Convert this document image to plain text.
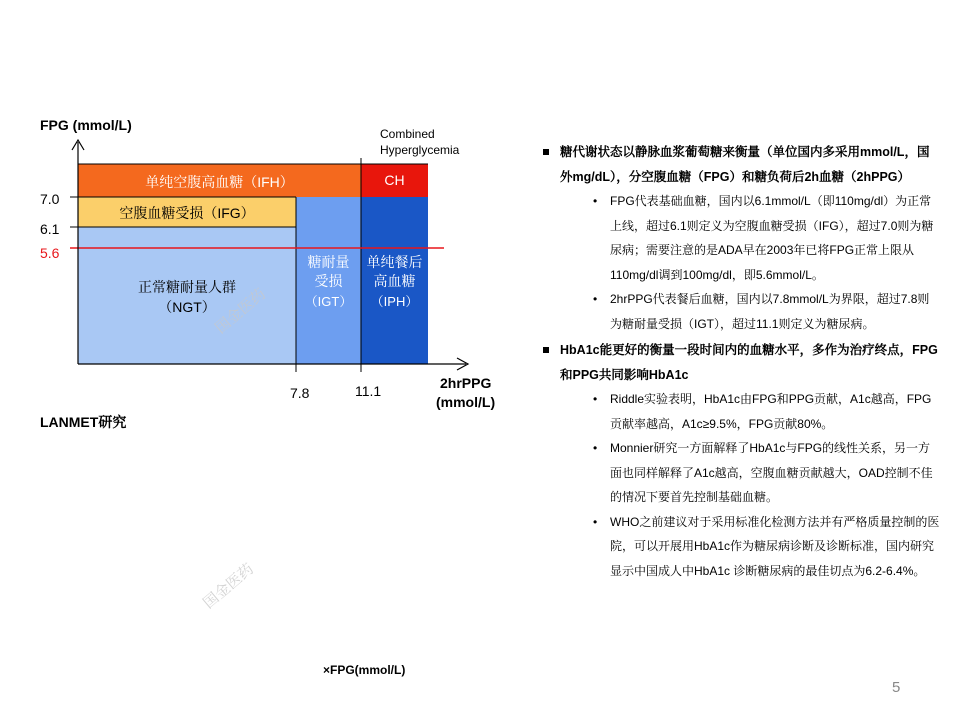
FPG (mmol/L)
Combined
Hyperglycemia
7.0
6.1
5.6
7.8	11.1	2hrPPG
(mmol/L)
单纯空腹高血糖（IFH）	CH
空腹血糖受损（IFG）
正常糖耐量人群
（NGT）
糖耐量
受损
（IGT）
单纯餐后
高血糖
（IPH）
LANMET研究
国金医药
国金医药
×FPG(mmol/L)
5
糖代谢状态以静脉血浆葡萄糖来衡量（单位国内多采用mmol/L，国外mg/dL），分空腹血糖（FPG）和糖负荷后2h血糖（2hPPG）
• FPG代表基础血糖，国内以6.1mmol/L（即110mg/dl）为正常上线，超过6.1则定义为空腹血糖受损（IFG），超过7.0则为糖尿病；需要注意的是ADA早在2003年已将FPG正常上限从110mg/dl调到100mg/dl，即5.6mmol/L。
• 2hrPPG代表餐后血糖，国内以7.8mmol/L为界限，超过7.8则为糖耐量受损（IGT），超过11.1则定义为糖尿病。
HbA1c能更好的衡量一段时间内的血糖水平，多作为治疗终点，FPG和PPG共同影响HbA1c
• Riddle实验表明，HbA1c由FPG和PPG贡献，A1c越高，FPG贡献率越高，A1c≥9.5%，FPG贡献80%。
• Monnier研究一方面解释了HbA1c与FPG的线性关系，另一方面也同样解释了A1c越高，空腹血糖贡献越大，OAD控制不佳的情况下要首先控制基础血糖。
• WHO之前建议对于采用标准化检测方法并有严格质量控制的医院，可以开展用HbA1c作为糖尿病诊断及诊断标准，国内研究显示中国成人中HbA1c 诊断糖尿病的最佳切点为6.2-6.4%。
